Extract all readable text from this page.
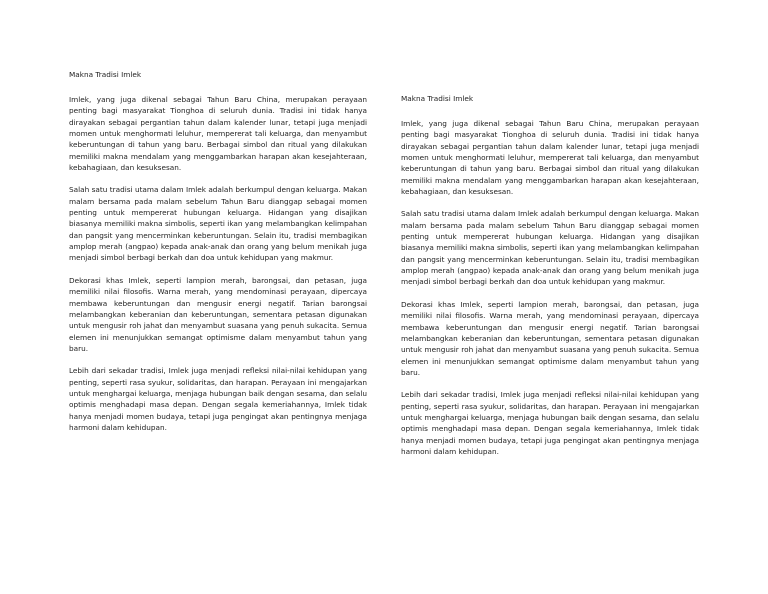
Makna Tradisi Imlek

Imlek, yang juga dikenal sebagai Tahun Baru China, merupakan perayaan penting bagi masyarakat Tionghoa di seluruh dunia. Tradisi ini tidak hanya dirayakan sebagai pergantian tahun dalam kalender lunar, tetapi juga menjadi momen untuk menghormati leluhur, mempererat tali keluarga, dan menyambut keberuntungan di tahun yang baru. Berbagai simbol dan ritual yang dilakukan memiliki makna mendalam yang menggambarkan harapan akan kesejahteraan, kebahagiaan, dan kesuksesan.

Salah satu tradisi utama dalam Imlek adalah berkumpul dengan keluarga. Makan malam bersama pada malam sebelum Tahun Baru dianggap sebagai momen penting untuk mempererat hubungan keluarga. Hidangan yang disajikan biasanya memiliki makna simbolis, seperti ikan yang melambangkan kelimpahan dan pangsit yang mencerminkan keberuntungan. Selain itu, tradisi membagikan amplop merah (angpao) kepada anak-anak dan orang yang belum menikah juga menjadi simbol berbagi berkah dan doa untuk kehidupan yang makmur.

Dekorasi khas Imlek, seperti lampion merah, barongsai, dan petasan, juga memiliki nilai filosofis. Warna merah, yang mendominasi perayaan, dipercaya membawa keberuntungan dan mengusir energi negatif. Tarian barongsai melambangkan keberanian dan keberuntungan, sementara petasan digunakan untuk mengusir roh jahat dan menyambut suasana yang penuh sukacita. Semua elemen ini menunjukkan semangat optimisme dalam menyambut tahun yang baru.

Lebih dari sekadar tradisi, Imlek juga menjadi refleksi nilai-nilai kehidupan yang penting, seperti rasa syukur, solidaritas, dan harapan. Perayaan ini mengajarkan untuk menghargai keluarga, menjaga hubungan baik dengan sesama, dan selalu optimis menghadapi masa depan. Dengan segala kemeriahannya, Imlek tidak hanya menjadi momen budaya, tetapi juga pengingat akan pentingnya menjaga harmoni dalam kehidupan.

Makna Tradisi Imlek

Imlek, yang juga dikenal sebagai Tahun Baru China, merupakan perayaan penting bagi masyarakat Tionghoa di seluruh dunia. Tradisi ini tidak hanya dirayakan sebagai pergantian tahun dalam kalender lunar, tetapi juga menjadi momen untuk menghormati leluhur, mempererat tali keluarga, dan menyambut keberuntungan di tahun yang baru. Berbagai simbol dan ritual yang dilakukan memiliki makna mendalam yang menggambarkan harapan akan kesejahteraan, kebahagiaan, dan kesuksesan.

Salah satu tradisi utama dalam Imlek adalah berkumpul dengan keluarga. Makan malam bersama pada malam sebelum Tahun Baru dianggap sebagai momen penting untuk mempererat hubungan keluarga. Hidangan yang disajikan biasanya memiliki makna simbolis, seperti ikan yang melambangkan kelimpahan dan pangsit yang mencerminkan keberuntungan. Selain itu, tradisi membagikan amplop merah (angpao) kepada anak-anak dan orang yang belum menikah juga menjadi simbol berbagi berkah dan doa untuk kehidupan yang makmur.

Dekorasi khas Imlek, seperti lampion merah, barongsai, dan petasan, juga memiliki nilai filosofis. Warna merah, yang mendominasi perayaan, dipercaya membawa keberuntungan dan mengusir energi negatif. Tarian barongsai melambangkan keberanian dan keberuntungan, sementara petasan digunakan untuk mengusir roh jahat dan menyambut suasana yang penuh sukacita. Semua elemen ini menunjukkan semangat optimisme dalam menyambut tahun yang baru.

Lebih dari sekadar tradisi, Imlek juga menjadi refleksi nilai-nilai kehidupan yang penting, seperti rasa syukur, solidaritas, dan harapan. Perayaan ini mengajarkan untuk menghargai keluarga, menjaga hubungan baik dengan sesama, dan selalu optimis menghadapi masa depan. Dengan segala kemeriahannya, Imlek tidak hanya menjadi momen budaya, tetapi juga pengingat akan pentingnya menjaga harmoni dalam kehidupan.
